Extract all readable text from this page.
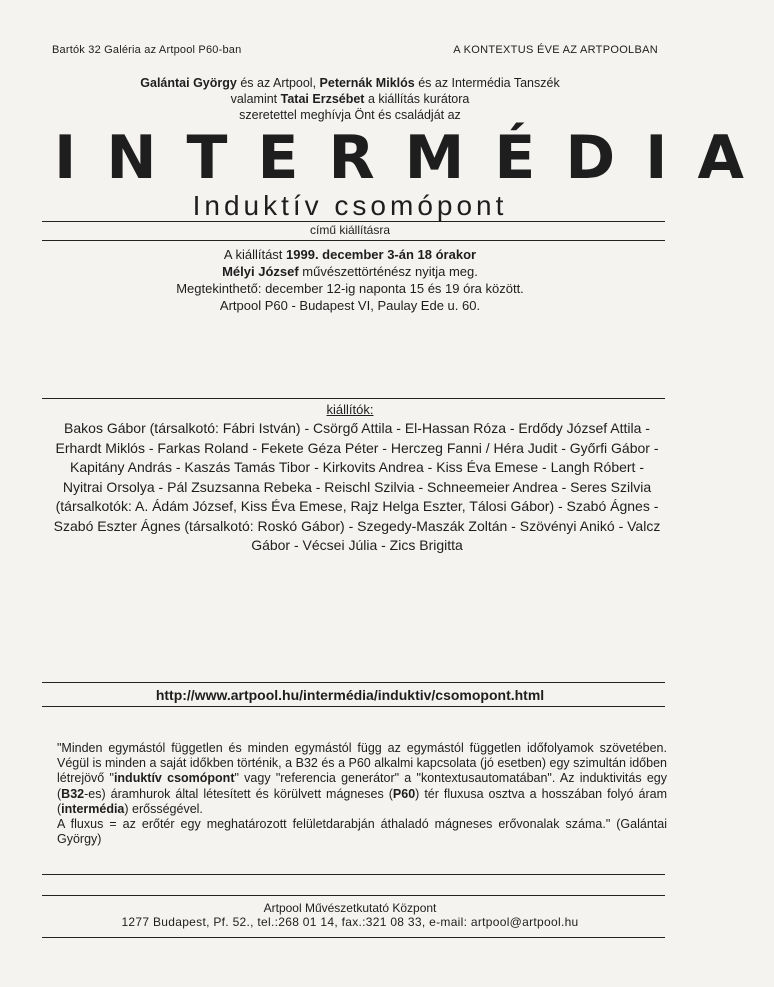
Bartók 32 Galéria az Artpool P60-ban	A KONTEXTUS ÉVE AZ ARTPOOLBAN
Galántai György és az Artpool, Peternák Miklós és az Intermédia Tanszék
valamint Tatai Erzsébet a kiállítás kurátora
szeretettel meghívja Önt és családját az
INTERMÉDIA
Induktív csomópont
című kiállításra
A kiállítást 1999. december 3-án 18 órakor
Mélyi József művészettörténész nyitja meg.
Megtekinthető: december 12-ig naponta 15 és 19 óra között.
Artpool P60 - Budapest VI, Paulay Ede u. 60.
kiállítók:
Bakos Gábor (társalkotó: Fábri István) - Csörgő Attila - El-Hassan Róza - Erdődy József Attila - Erhardt Miklós - Farkas Roland - Fekete Géza Péter - Herczeg Fanni / Héra Judit - Győrfi Gábor - Kapitány András - Kaszás Tamás Tibor - Kirkovits Andrea - Kiss Éva Emese - Langh Róbert - Nyitrai Orsolya - Pál Zsuzsanna Rebeka - Reischl Szilvia - Schneemeier Andrea - Seres Szilvia (társalkotók: A. Ádám József, Kiss Éva Emese, Rajz Helga Eszter, Tálosi Gábor) - Szabó Ágnes - Szabó Eszter Ágnes (társalkotó: Roskó Gábor) - Szegedy-Maszák Zoltán - Szövényi Anikó - Valcz Gábor - Vécsei Júlia - Zics Brigitta
http://www.artpool.hu/intermédia/induktiv/csomopont.html
"Minden egymástól független és minden egymástól függ az egymástól független időfolyamok szövetében. Végül is minden a saját időkben történik, a B32 és a P60 alkalmi kapcsolata (jó esetben) egy szimultán időben létrejövő "induktív csomópont" vagy "referencia generátor" a "kontextusautomatában". Az induktivitás egy (B32-es) áramhurok által létesített és körülvett mágneses (P60) tér fluxusa osztva a hosszában folyó áram (intermédia) erősségével.
A fluxus = az erőtér egy meghatározott felületdarabján áthaladó mágneses erővonalak száma." (Galántai György)
Artpool Művészetkutató Központ
1277 Budapest, Pf. 52., tel.:268 01 14, fax.:321 08 33, e-mail: artpool@artpool.hu
